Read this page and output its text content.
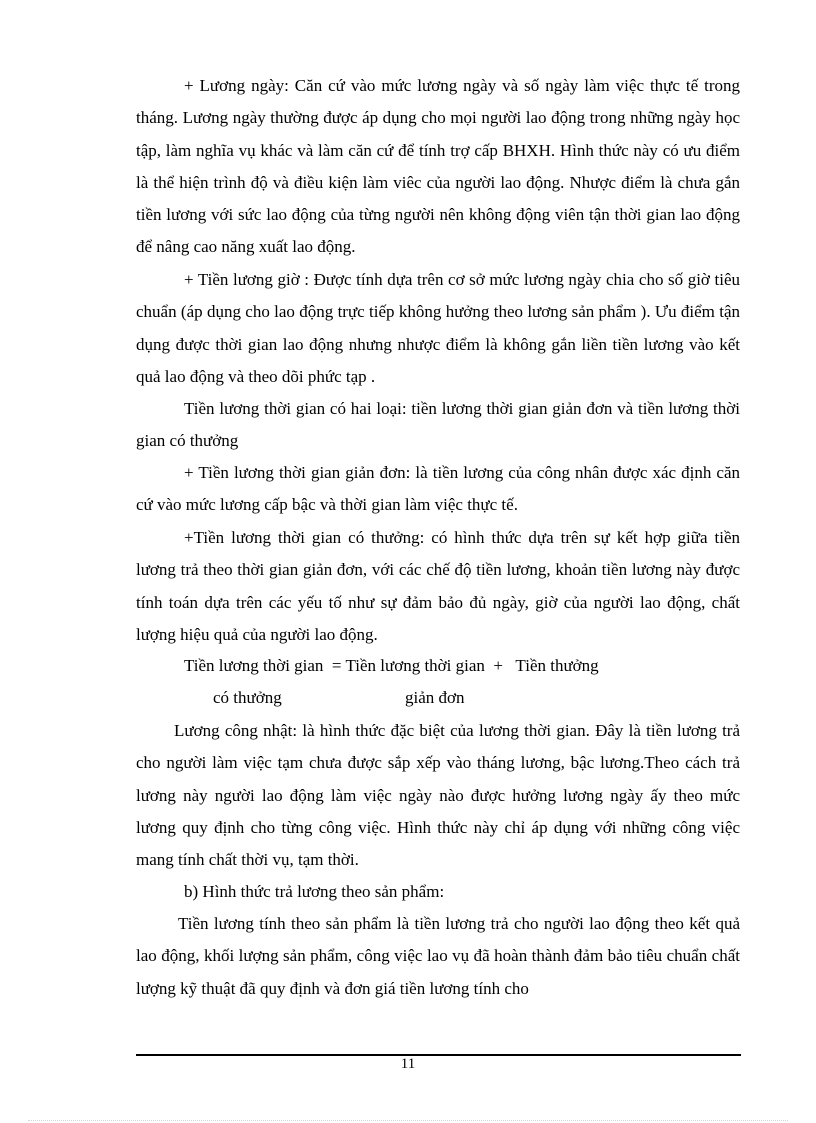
+ Lương ngày: Căn cứ vào mức lương ngày và số ngày làm việc thực tế trong tháng. Lương ngày thường được áp dụng cho mọi người lao động trong những ngày học tập, làm nghĩa vụ khác và làm căn cứ để tính trợ cấp BHXH. Hình thức này có ưu điểm là thể hiện trình độ và điều kiện làm viêc của người lao động. Nhược điểm là chưa gắn tiền lương với sức lao động của từng người nên không động viên tận thời gian lao động để nâng cao năng xuất lao động.

+ Tiền lương giờ : Được tính dựa trên cơ sở mức lương ngày chia cho số giờ tiêu chuẩn (áp dụng cho lao động trực tiếp không hưởng theo lương sản phẩm ). Ưu điểm tận dụng được thời gian lao động nhưng nhược điểm là không gắn liền tiền lương vào kết quả lao động và theo dõi phức tạp .

Tiền lương thời gian có hai loại: tiền lương thời gian giản đơn và tiền lương thời gian có thưởng

+ Tiền lương thời gian giản đơn: là tiền lương của công nhân được xác định căn cứ vào mức lương cấp bậc và thời gian làm việc thực tế.

+Tiền lương thời gian có thưởng: có hình thức dựa trên sự kết hợp giữa tiền lương trả theo thời gian giản đơn, với các chế độ tiền lương, khoản tiền lương này được tính toán dựa trên các yếu tố như sự đảm bảo đủ ngày, giờ của người lao động, chất lượng hiệu quả của người lao động.

Tiền lương thời gian  = Tiền lương thời gian  +   Tiền thưởng
có thưởng	giản đơn

Lương công nhật: là hình thức đặc biệt của lương thời gian. Đây là tiền lương trả cho người làm việc tạm chưa được sắp xếp vào tháng lương, bậc lương.Theo cách trả lương này người lao động làm việc ngày nào được hưởng lương ngày ấy theo mức lương quy định cho từng công việc. Hình thức này chỉ áp dụng với những công việc mang tính chất thời vụ, tạm thời.

b) Hình thức trả lương theo sản phẩm:

Tiền lương tính theo sản phẩm là tiền lương trả cho người lao động theo kết quả lao động, khối lượng sản phẩm, công việc lao vụ đã hoàn thành đảm bảo tiêu chuẩn chất lượng kỹ thuật đã quy định và đơn giá tiền lương tính cho

11
